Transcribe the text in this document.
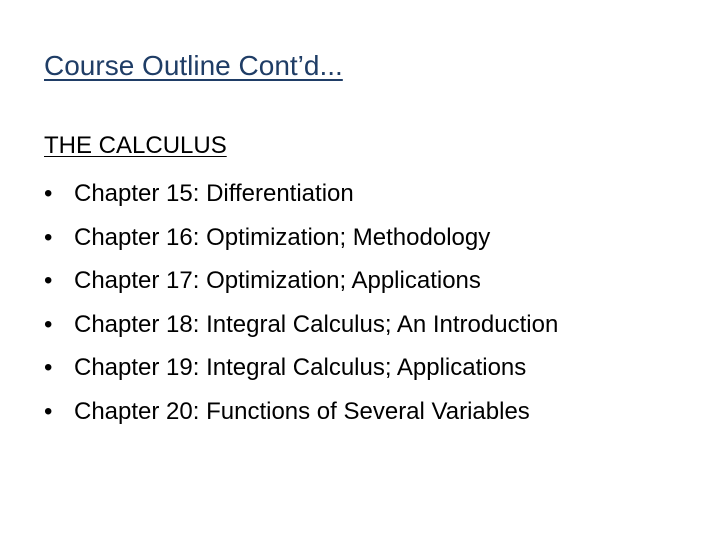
Course Outline Cont’d...
THE CALCULUS
• Chapter 15: Differentiation
• Chapter 16: Optimization; Methodology
• Chapter 17: Optimization; Applications
• Chapter 18: Integral Calculus; An Introduction
• Chapter 19: Integral Calculus; Applications
• Chapter 20: Functions of Several Variables
